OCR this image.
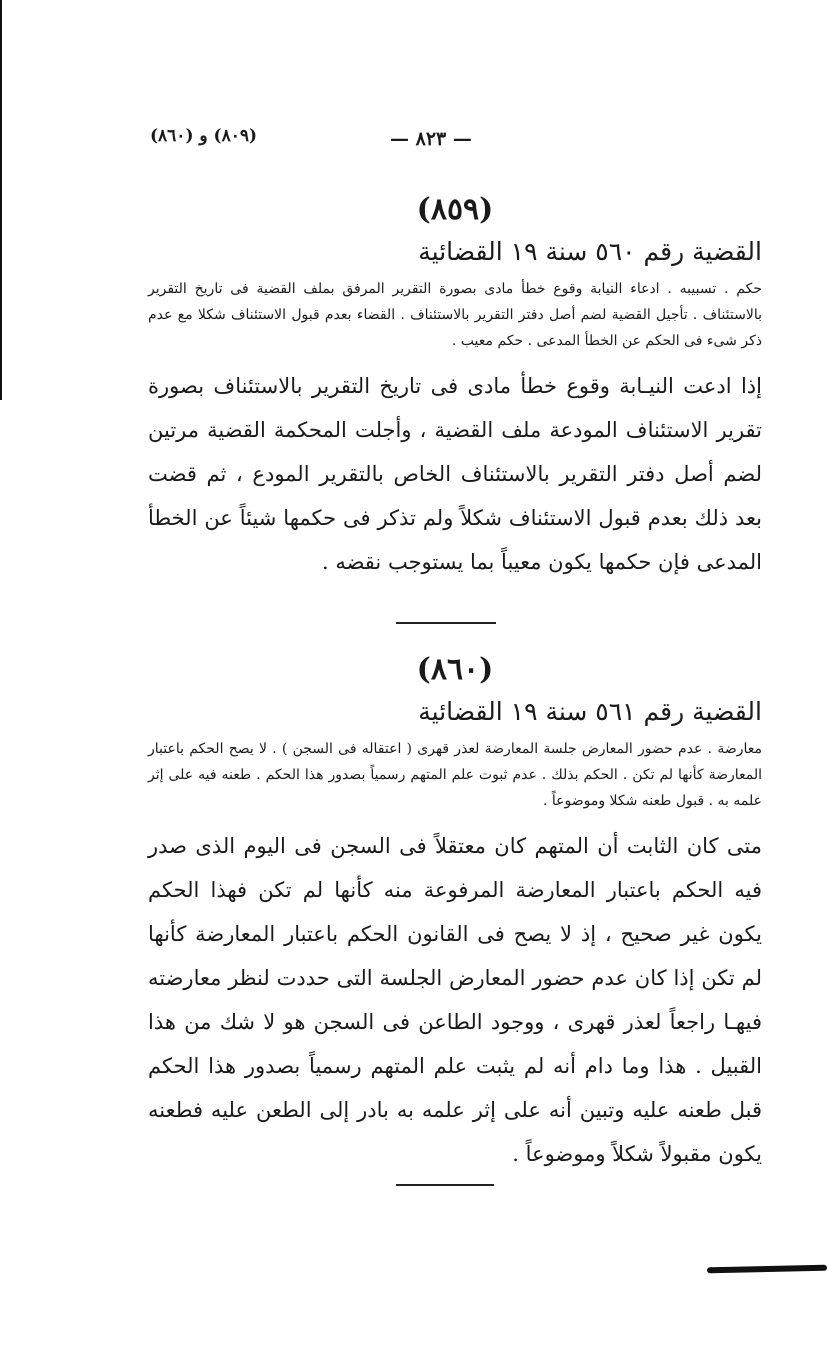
(٨٠٩) و (٨٦٠)	— ٨٢٣ —
(٨٥٩)
القضية رقم ٥٦٠ سنة ١٩ القضائية
حكم . تسبيبه . ادعاء النيابة وقوع خطأ مادى بصورة التقرير المرفق بملف القضية فى تاريخ التقرير بالاستئناف . تأجيل القضية لضم أصل دفتر التقرير بالاستئناف . القضاء بعدم قبول الاستئناف شكلا مع عدم ذكر شىء فى الحكم عن الخطأ المدعى . حكم معيب .
إذا ادعت النيـابة وقوع خطأ مادى فى تاريخ التقرير بالاستئناف بصورة تقرير الاستئناف المودعة ملف القضية ، وأجلت المحكمة القضية مرتين لضم أصل دفتر التقرير بالاستئناف الخاص بالتقرير المودع ، ثم قضت بعد ذلك بعدم قبول الاستئناف شكلاً ولم تذكر فى حكمها شيئاً عن الخطأ المدعى فإن حكمها يكون معيباً بما يستوجب نقضه .
(٨٦٠)
القضية رقم ٥٦١ سنة ١٩ القضائية
معارضة . عدم حضور المعارض جلسة المعارضة لعذر قهرى ( اعتقاله فى السجن ) . لا يصح الحكم باعتبار المعارضة كأنها لم تكن . الحكم بذلك . عدم ثبوت علم المتهم رسمياً بصدور هذا الحكم . طعنه فيه على إثر علمه به . قبول طعنه شكلا وموضوعاً .
متى كان الثابت أن المتهم كان معتقلاً فى السجن فى اليوم الذى صدر فيه الحكم باعتبار المعارضة المرفوعة منه كأنها لم تكن فهذا الحكم يكون غير صحيح ، إذ لا يصح فى القانون الحكم باعتبار المعارضة كأنها لم تكن إذا كان عدم حضور المعارض الجلسة التى حددت لنظر معارضته فيهـا راجعاً لعذر قهرى ، ووجود الطاعن فى السجن هو لا شك من هذا القبيل . هذا وما دام أنه لم يثبت علم المتهم رسمياً بصدور هذا الحكم قبل طعنه عليه وتبين أنه على إثر علمه به بادر إلى الطعن عليه فطعنه يكون مقبولاً شكلاً وموضوعاً .
